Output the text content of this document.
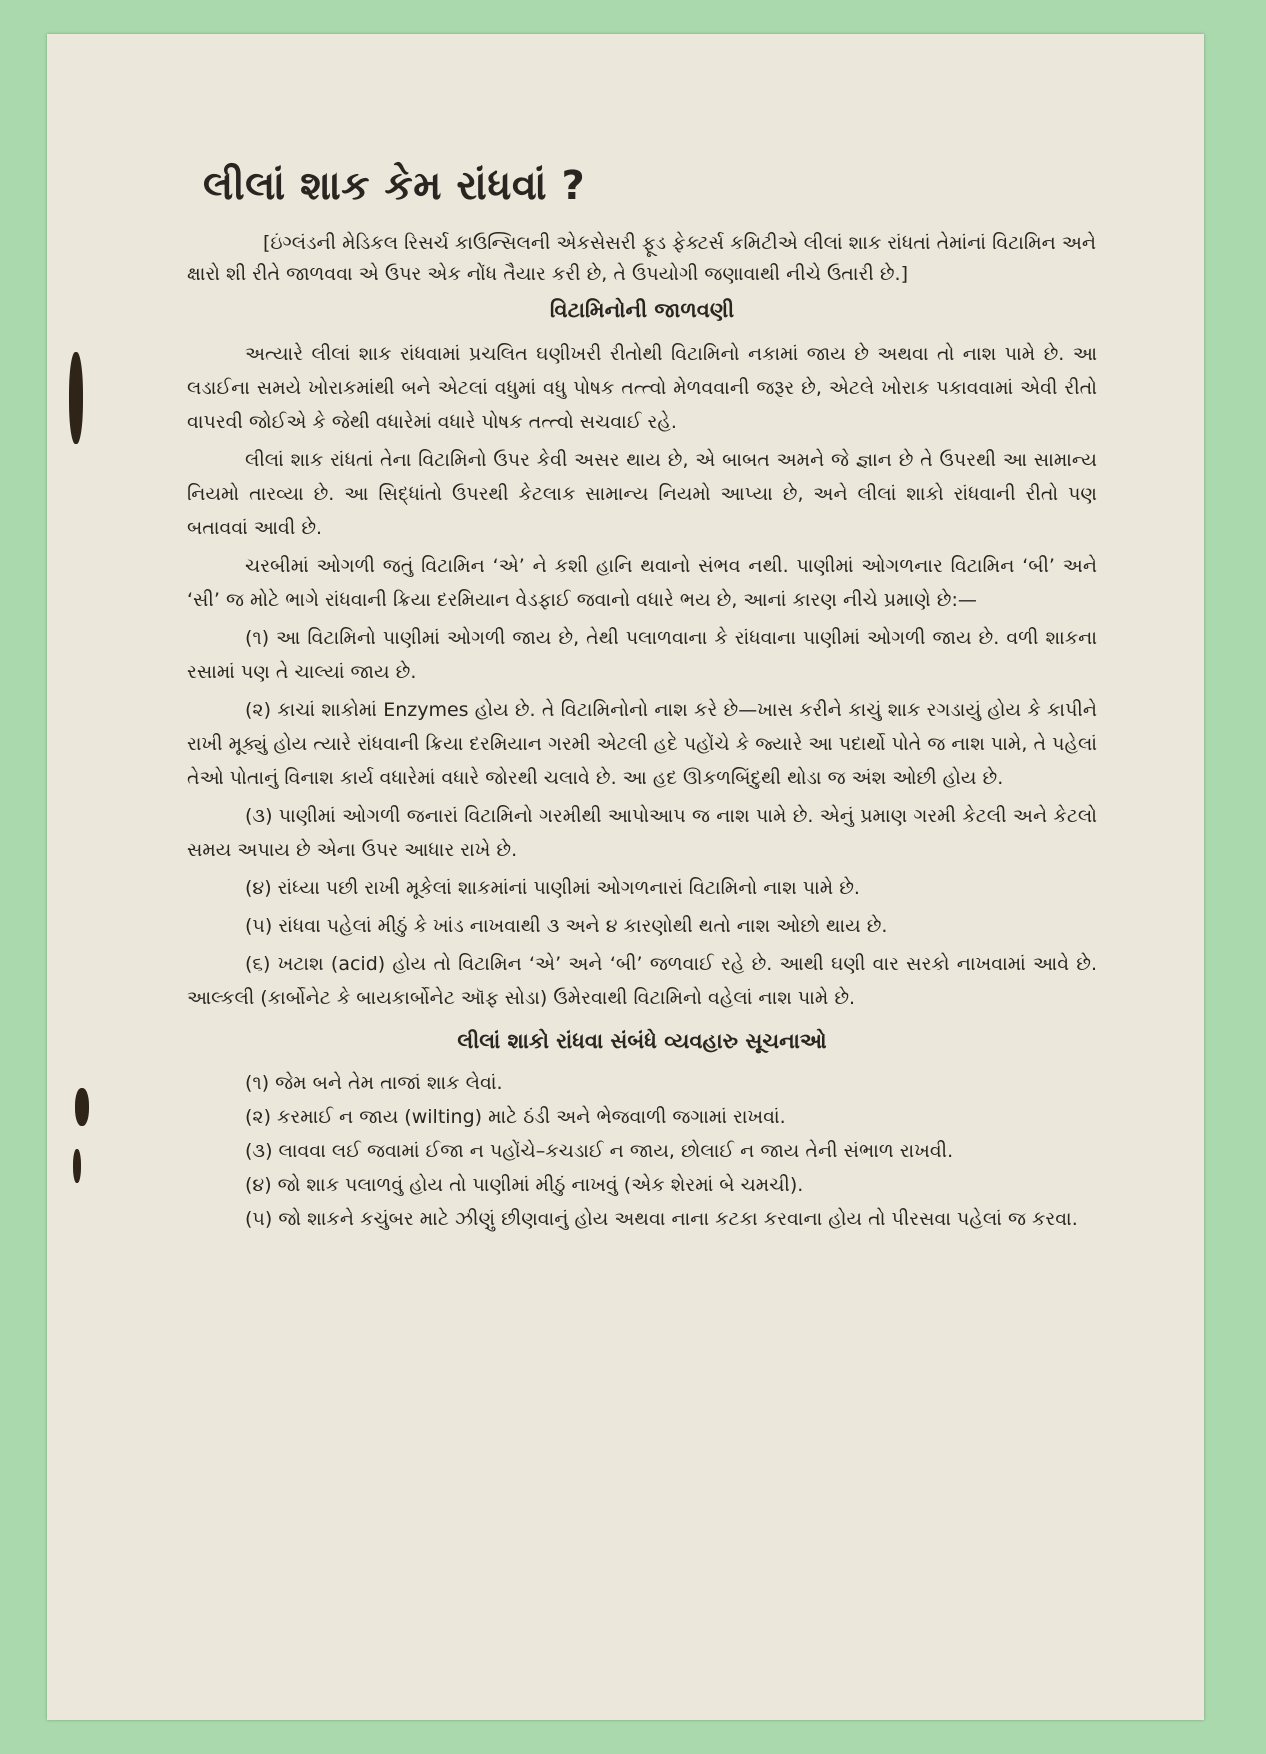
લીલાં શાક કેમ રાંધવાં ?

[ઇંગ્લંડની મેડિકલ રિસર્ચ કાઉન્સિલની એકસેસરી ફૂડ ફેક્ટર્સ કમિટીએ લીલાં શાક રાંધતાં તેમાંનાં વિટામિન અને ક્ષારો શી રીતે જાળવવા એ ઉપર એક નોંધ તૈયાર કરી છે, તે ઉપયોગી જણાવાથી નીચે ઉતારી છે.]

વિટામિનોની જાળવણી

અત્યારે લીલાં શાક રાંધવામાં પ્રચલિત ઘણીખરી રીતોથી વિટામિનો નકામાં જાય છે અથવા તો નાશ પામે છે. આ લડાઈના સમયે ખોરાકમાંથી બને એટલાં વધુમાં વધુ પોષક તત્ત્વો મેળવવાની જરૂર છે, એટલે ખોરાક પકાવવામાં એવી રીતો વાપરવી જોઈએ કે જેથી વધારેમાં વધારે પોષક તત્ત્વો સચવાઈ રહે.

લીલાં શાક રાંધતાં તેના વિટામિનો ઉપર કેવી અસર થાય છે, એ બાબત અમને જે જ્ઞાન છે તે ઉપરથી આ સામાન્ય નિયમો તારવ્યા છે. આ સિદ્ધાંતો ઉપરથી કેટલાક સામાન્ય નિયમો આપ્યા છે, અને લીલાં શાકો રાંધવાની રીતો પણ બતાવવાં આવી છે.

ચરબીમાં ઓગળી જતું વિટામિન ‘એ’ ને કશી હાનિ થવાનો સંભવ નથી. પાણીમાં ઓગળનાર વિટામિન ‘બી’ અને ‘સી’ જ મોટે ભાગે રાંધવાની ક્રિયા દરમિયાન વેડફાઈ જવાનો વધારે ભય છે, આનાં કારણ નીચે પ્રમાણે છે:—

(૧) આ વિટામિનો પાણીમાં ઓગળી જાય છે, તેથી પલાળવાના કે રાંધવાના પાણીમાં ઓગળી જાય છે. વળી શાકના રસામાં પણ તે ચાલ્યાં જાય છે.

(૨) કાચાં શાકોમાં Enzymes હોય છે. તે વિટામિનોનો નાશ કરે છે—ખાસ કરીને કાચું શાક રગડાયું હોય કે કાપીને રાખી મૂક્યું હોય ત્યારે રાંધવાની ક્રિયા દરમિયાન ગરમી એટલી હદે પહોંચે કે જ્યારે આ પદાર્થો પોતે જ નાશ પામે, તે પહેલાં તેઓ પોતાનું વિનાશ કાર્ય વધારેમાં વધારે જોરથી ચલાવે છે. આ હદ ઊકળબિંદુથી થોડા જ અંશ ઓછી હોય છે.

(૩) પાણીમાં ઓગળી જનારાં વિટામિનો ગરમીથી આપોઆપ જ નાશ પામે છે. એનું પ્રમાણ ગરમી કેટલી અને કેટલો સમય અપાય છે એના ઉપર આધાર રાખે છે.

(૪) રાંધ્યા પછી રાખી મૂકેલાં શાકમાંનાં પાણીમાં ઓગળનારાં વિટામિનો નાશ પામે છે.

(૫) રાંધવા પહેલાં મીઠું કે ખાંડ નાખવાથી ૩ અને ૪ કારણોથી થતો નાશ ઓછો થાય છે.

(૬) ખટાશ (acid) હોય તો વિટામિન ‘એ’ અને ‘બી’ જળવાઈ રહે છે. આથી ઘણી વાર સરકો નાખવામાં આવે છે. આલ્કલી (કાર્બોનેટ કે બાયકાર્બોનેટ ઑફ સોડા) ઉમેરવાથી વિટામિનો વહેલાં નાશ પામે છે.

લીલાં શાકો રાંધવા સંબંધે વ્યવહારુ સૂચનાઓ

(૧) જેમ બને તેમ તાજાં શાક લેવાં.

(૨) કરમાઈ ન જાય (wilting) માટે ઠંડી અને ભેજવાળી જગામાં રાખવાં.

(૩) લાવવા લઈ જવામાં ઈજા ન પહોંચે–કચડાઈ ન જાય, છોલાઈ ન જાય તેની સંભાળ રાખવી.

(૪) જો શાક પલાળવું હોય તો પાણીમાં મીઠું નાખવું (એક શેરમાં બે ચમચી).

(૫) જો શાકને કચુંબર માટે ઝીણું છીણવાનું હોય અથવા નાના કટકા કરવાના હોય તો પીરસવા પહેલાં જ કરવા.
